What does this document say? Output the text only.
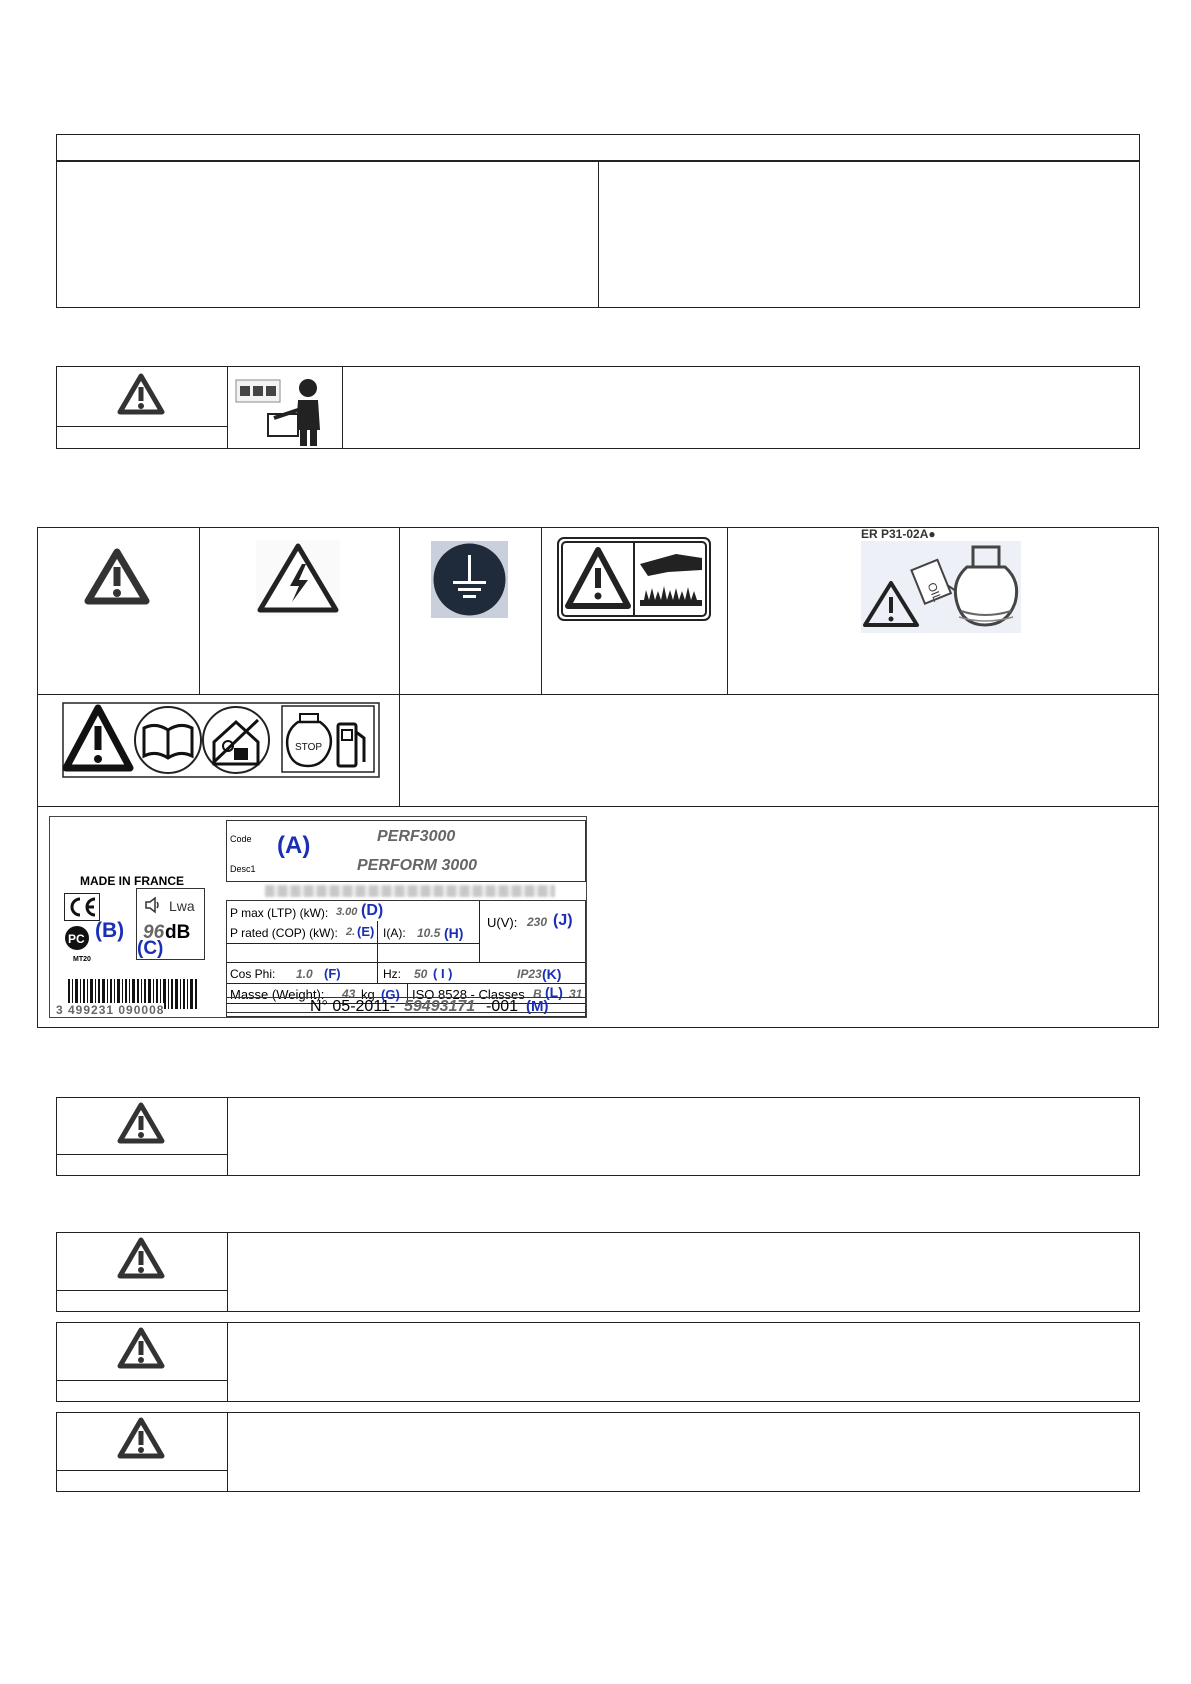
ER P31-02A●
OIL
STOP
MADE IN FRANCE
PC
MT20
(B)
Lwa
96 dB
(C)
3 499231 090008
Code (A)	PERF3000
Desc1	PERFORM 3000
P max (LTP) (kW): 3.00 (D)
P rated (COP) (kW): 2. (E) I(A): 10.5 (H)
U(V): 230 (J)
Cos Phi: 1.0 (F)	Hz: 50 ( I )	IP23 (K)
Masse (Weight): 43 kg (G) ISO 8528 - Classes B (L) 31
N° 05-2011- 59493171 -001 (M)
